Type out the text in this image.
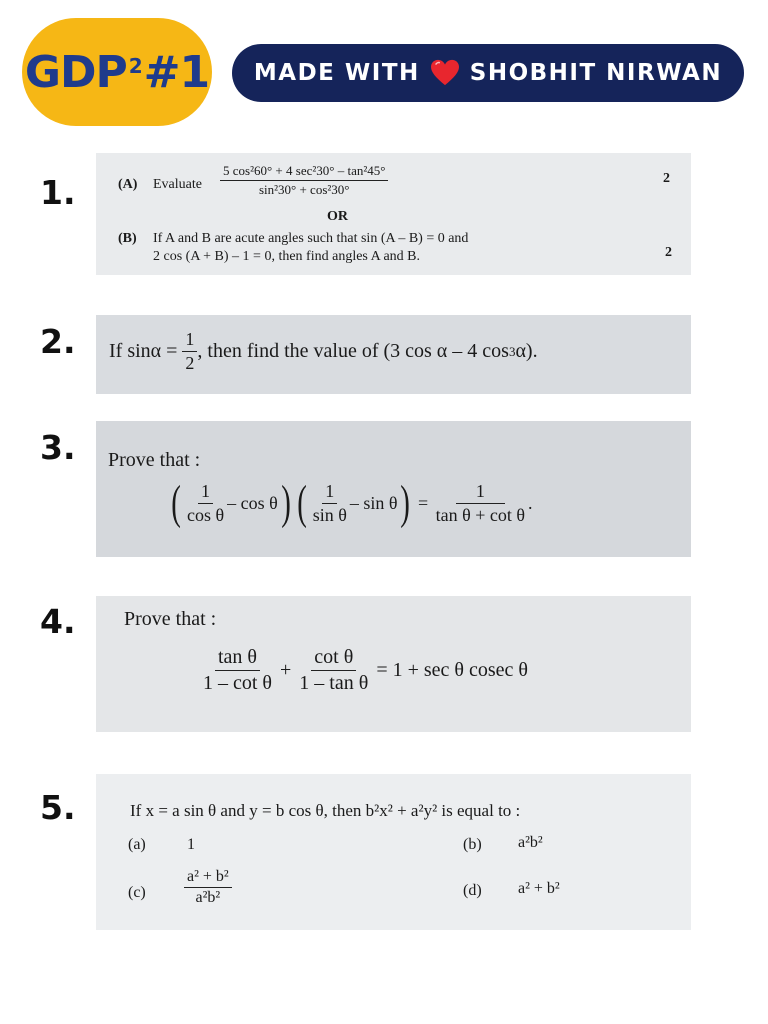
GDP$^2$ #1 MADE WITH SHOBHIT NIRWAN
1.	(A) Evaluate $\frac{\text{5 cos²60° + 4 sec²30° – tan²45°}}{\text{sin²30° + cos²30°}}$	2
OR
(B) If A and B are acute angles such that sin (A – B) = 0 and
2 cos (A + B) – 1 = 0, then find angles A and B.	2
2. If sinα =
$\frac{1}{2}$ , then find the value of (3 cos α – 4 cos 3 α).
3. Prove that :
( $\frac{1}{\text{cos θ}}$ – cos θ ) ( $\frac{1}{\text{sin θ}}$ – sin θ )
=
$\frac{1}{\text{tan θ + cot θ}}$ .
4. Prove that :
$\frac{\text{tan θ}}{\text{1 – cot θ}}$
+
$\frac{\text{cot θ}}{\text{1 – tan θ}}$
= 1 + sec θ cosec θ
5.	If x = a sin θ and y = b cos θ, then b²x² + a²y² is equal to :
(a)	1	(b) a²b²
$(c) \frac{\text{a² + b²}}{\text{a²b²}}$	(d) a² + b²
